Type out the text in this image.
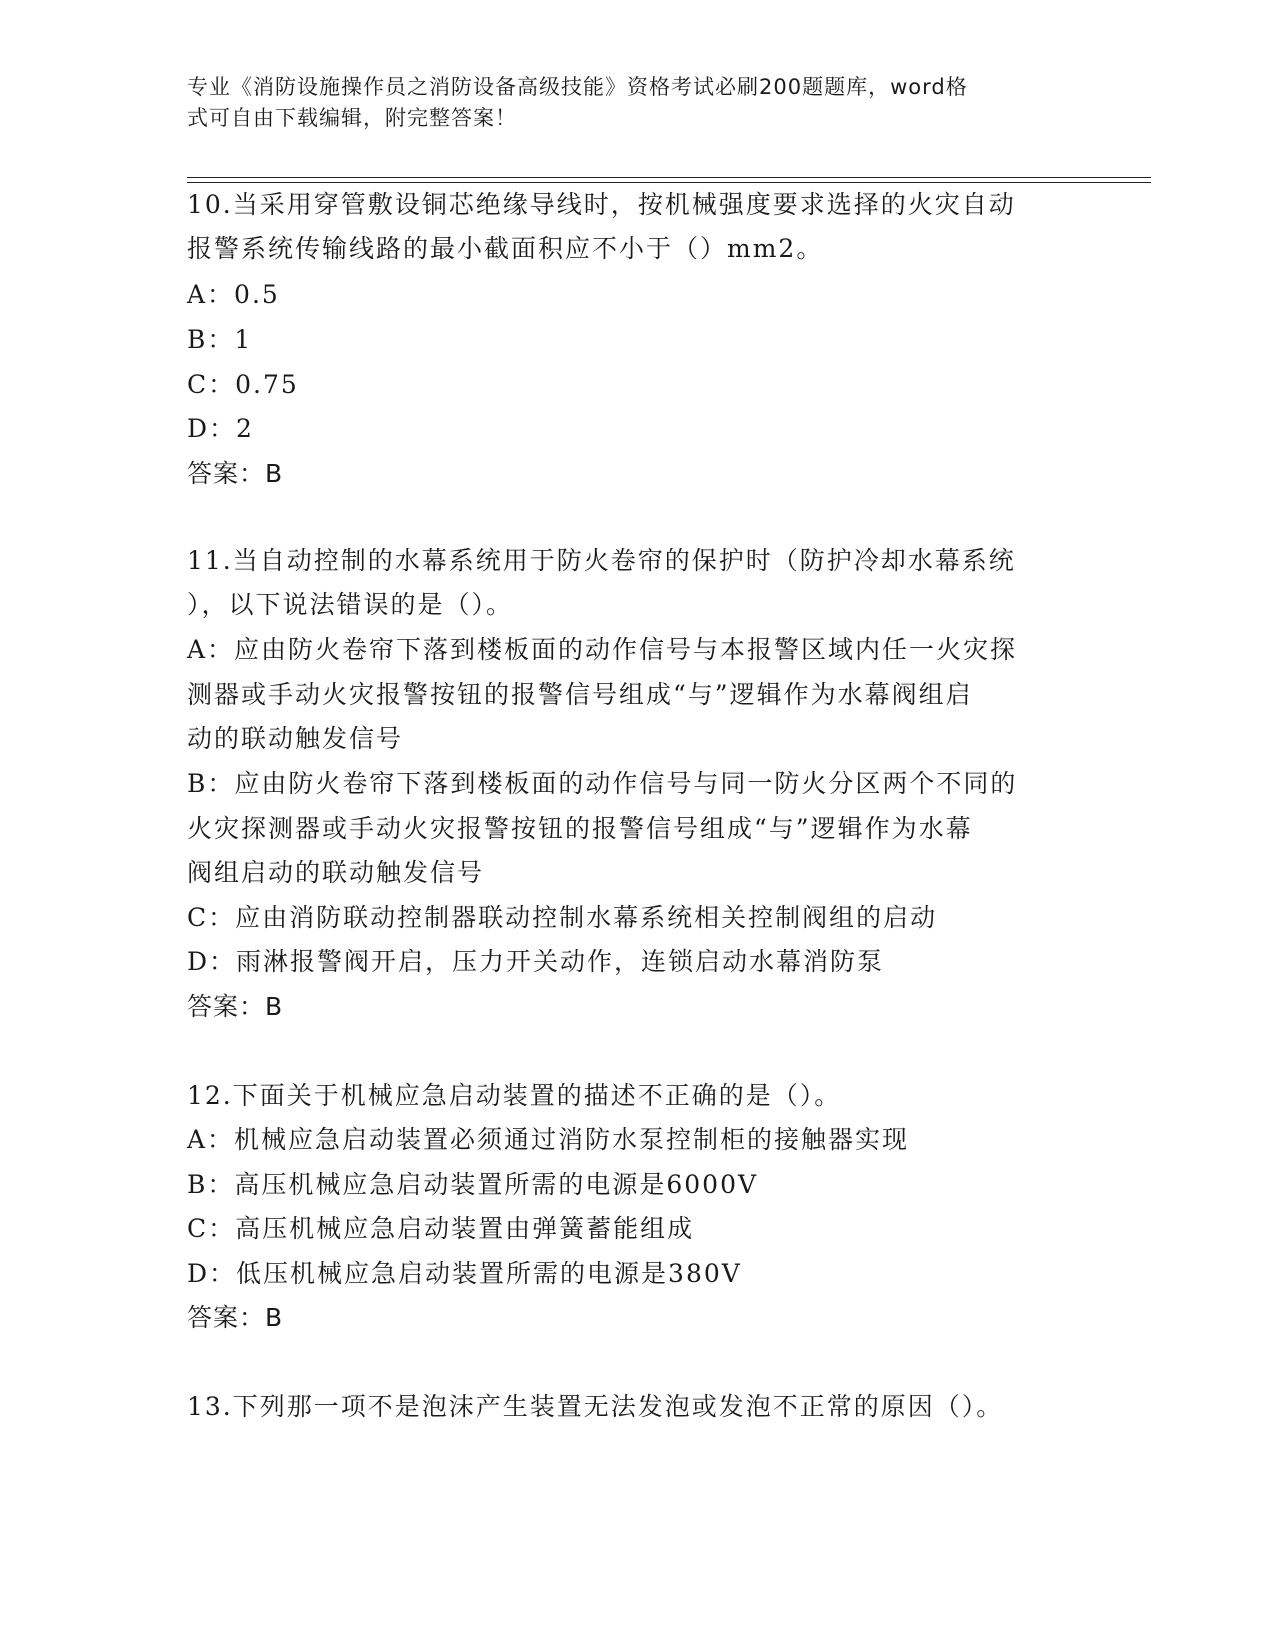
专业《消防设施操作员之消防设备高级技能》资格考试必刷200题题库，word格
式可自由下载编辑，附完整答案！
10.当采用穿管敷设铜芯绝缘导线时，按机械强度要求选择的火灾自动
报警系统传输线路的最小截面积应不小于（）mm2。
A：0.5
B：1
C：0.75
D：2
答案：B
11.当自动控制的水幕系统用于防火卷帘的保护时（防护冷却水幕系统
），以下说法错误的是（）。
A：应由防火卷帘下落到楼板面的动作信号与本报警区域内任一火灾探
测器或手动火灾报警按钮的报警信号组成“与”逻辑作为水幕阀组启
动的联动触发信号
B：应由防火卷帘下落到楼板面的动作信号与同一防火分区两个不同的
火灾探测器或手动火灾报警按钮的报警信号组成“与”逻辑作为水幕
阀组启动的联动触发信号
C：应由消防联动控制器联动控制水幕系统相关控制阀组的启动
D：雨淋报警阀开启，压力开关动作，连锁启动水幕消防泵
答案：B
12.下面关于机械应急启动装置的描述不正确的是（）。
A：机械应急启动装置必须通过消防水泵控制柜的接触器实现
B：高压机械应急启动装置所需的电源是6000V
C：高压机械应急启动装置由弹簧蓄能组成
D：低压机械应急启动装置所需的电源是380V
答案：B
13.下列那一项不是泡沫产生装置无法发泡或发泡不正常的原因（）。
